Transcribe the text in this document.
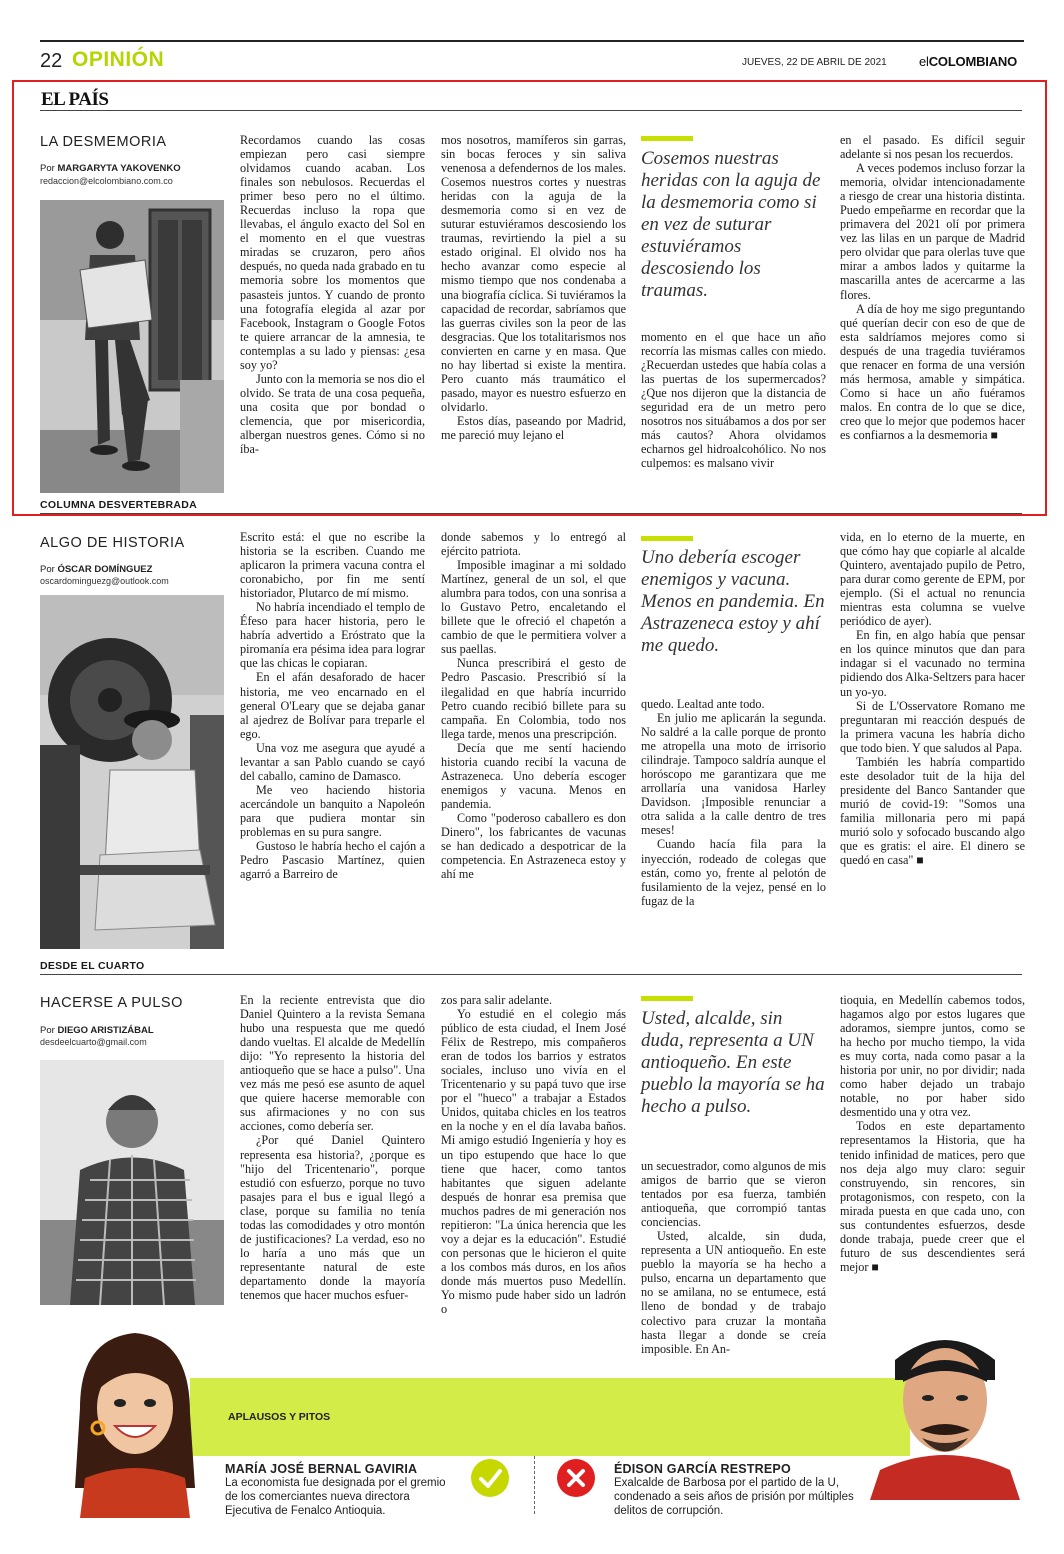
22 OPINIÓN	JUEVES, 22 DE ABRIL DE 2021 elCOLOMBIANO
EL PAÍS
LA DESMEMORIA
Por MARGARYTA YAKOVENKO
redaccion@elcolombiano.com.co

Recordamos cuando las cosas empiezan pero casi siempre olvidamos cuando acaban. Los finales son nebulosos. Recuerdas el primer beso pero no el último. Recuerdas incluso la ropa que llevabas, el ángulo exacto del Sol en el momento en el que vuestras miradas se cruzaron, pero años después, no queda nada grabado en tu memoria sobre los momentos que pasasteis juntos. Y cuando de pronto una fotografía elegida al azar por Facebook, Instagram o Google Fotos te quiere arrancar de la amnesia, te contemplas a su lado y piensas: ¿esa soy yo?

Junto con la memoria se nos dio el olvido. Se trata de una cosa pequeña, una cosita que por bondad o clemencia, que por misericordia, albergan nuestros genes. Cómo si no íba-

mos nosotros, mamíferos sin garras, sin bocas feroces y sin saliva venenosa a defendernos de los males. Cosemos nuestros cortes y nuestras heridas con la aguja de la desmemoria como si en vez de suturar estuviéramos descosiendo los traumas, revirtiendo la piel a su estado original. El olvido nos ha hecho avanzar como especie al mismo tiempo que nos condenaba a una biografía cíclica. Si tuviéramos la capacidad de recordar, sabríamos que las guerras civiles son la peor de las desgracias. Que los totalitarismos nos convierten en carne y en masa. Que no hay libertad si existe la mentira. Pero cuanto más traumático el pasado, mayor es nuestro esfuerzo en olvidarlo.

Estos días, paseando por Madrid, me pareció muy lejano el

Cosemos nuestras heridas con la aguja de la desmemoria como si en vez de suturar estuviéramos descosiendo los traumas.

momento en el que hace un año recorría las mismas calles con miedo. ¿Recuerdan ustedes que había colas a las puertas de los supermercados? ¿Que nos dijeron que la distancia de seguridad era de un metro pero nosotros nos situábamos a dos por ser más cautos? Ahora olvidamos echarnos gel hidroalcohólico. No nos culpemos: es malsano vivir

en el pasado. Es difícil seguir adelante si nos pesan los recuerdos.

A veces podemos incluso forzar la memoria, olvidar intencionadamente a riesgo de crear una historia distinta. Puedo empeñarme en recordar que la primavera del 2021 olí por primera vez las lilas en un parque de Madrid pero olvidar que para olerlas tuve que mirar a ambos lados y quitarme la mascarilla antes de acercarme a las flores.

A día de hoy me sigo preguntando qué querían decir con eso de que de esta saldríamos mejores como si después de una tragedia tuviéramos que renacer en forma de una versión más hermosa, amable y simpática. Como si hace un año fuéramos malos. En contra de lo que se dice, creo que lo mejor que podemos hacer es confiarnos a la desmemoria ■

COLUMNA DESVERTEBRADA
ALGO DE HISTORIA
Por ÓSCAR DOMÍNGUEZ
oscardominguezg@outlook.com

Escrito está: el que no escribe la historia se la escriben. Cuando me aplicaron la primera vacuna contra el coronabicho, por fin me sentí historiador, Plutarco de mí mismo.

No habría incendiado el templo de Éfeso para hacer historia, pero le habría advertido a Eróstrato que la piromanía era pésima idea para lograr que las chicas le copiaran.

En el afán desaforado de hacer historia, me veo encarnado en el general O'Leary que se dejaba ganar al ajedrez de Bolívar para treparle el ego.

Una voz me asegura que ayudé a levantar a san Pablo cuando se cayó del caballo, camino de Damasco.

Me veo haciendo historia acercándole un banquito a Napoleón para que pudiera montar sin problemas en su pura sangre.

Gustoso le habría hecho el cajón a Pedro Pascasio Martínez, quien agarró a Barreiro de

donde sabemos y lo entregó al ejército patriota.

Imposible imaginar a mi soldado Martínez, general de un sol, el que alumbra para todos, con una sonrisa a lo Gustavo Petro, encaletando el billete que le ofreció el chapetón a cambio de que le permitiera volver a sus paellas.

Nunca prescribirá el gesto de Pedro Pascasio. Prescribió sí la ilegalidad en que habría incurrido Petro cuando recibió billete para su campaña. En Colombia, todo nos llega tarde, menos una prescripción.

Decía que me sentí haciendo historia cuando recibí la vacuna de Astrazeneca. Uno debería escoger enemigos y vacuna. Menos en pandemia.

Como "poderoso caballero es don Dinero", los fabricantes de vacunas se han dedicado a despotricar de la competencia. En Astrazeneca estoy y ahí me

Uno debería escoger enemigos y vacuna. Menos en pandemia. En Astrazeneca estoy y ahí me quedo.

quedo. Lealtad ante todo.

En julio me aplicarán la segunda. No saldré a la calle porque de pronto me atropella una moto de irrisorio cilindraje. Tampoco saldría aunque el horóscopo me garantizara que me arrollaría una vanidosa Harley Davidson. ¡Imposible renunciar a otra salida a la calle dentro de tres meses!

Cuando hacía fila para la inyección, rodeado de colegas que están, como yo, frente al pelotón de fusilamiento de la vejez, pensé en lo fugaz de la

vida, en lo eterno de la muerte, en que cómo hay que copiarle al alcalde Quintero, aventajado pupilo de Petro, para durar como gerente de EPM, por ejemplo. (Si el actual no renuncia mientras esta columna se vuelve periódico de ayer).

En fin, en algo había que pensar en los quince minutos que dan para indagar si el vacunado no termina pidiendo dos Alka-Seltzers para hacer un yo-yo.

Si de L'Osservatore Romano me preguntaran mi reacción después de la primera vacuna les habría dicho que todo bien. Y que saludos al Papa.

También les habría compartido este desolador tuit de la hija del presidente del Banco Santander que murió de covid-19: "Somos una familia millonaria pero mi papá murió solo y sofocado buscando algo que es gratis: el aire. El dinero se quedó en casa" ■

DESDE EL CUARTO
HACERSE A PULSO
Por DIEGO ARISTIZÁBAL
desdeelcuarto@gmail.com

En la reciente entrevista que dio Daniel Quintero a la revista Semana hubo una respuesta que me quedó dando vueltas. El alcalde de Medellín dijo: "Yo represento la historia del antioqueño que se hace a pulso". Una vez más me pesó ese asunto de aquel que quiere hacerse memorable con sus afirmaciones y no con sus acciones, como debería ser.

¿Por qué Daniel Quintero representa esa historia?, ¿porque es "hijo del Tricentenario", porque estudió con esfuerzo, porque no tuvo pasajes para el bus e igual llegó a clase, porque su familia no tenía todas las comodidades y otro montón de justificaciones? La verdad, eso no lo haría a uno más que un representante natural de este departamento donde la mayoría tenemos que hacer muchos esfuer-

zos para salir adelante.

Yo estudié en el colegio más público de esta ciudad, el Inem José Félix de Restrepo, mis compañeros eran de todos los barrios y estratos sociales, incluso uno vivía en el Tricentenario y su papá tuvo que irse por el "hueco" a trabajar a Estados Unidos, quitaba chicles en los teatros en la noche y en el día lavaba baños. Mi amigo estudió Ingeniería y hoy es un tipo estupendo que hace lo que tiene que hacer, como tantos habitantes que siguen adelante después de honrar esa premisa que muchos padres de mi generación nos repitieron: "La única herencia que les voy a dejar es la educación". Estudié con personas que le hicieron el quite a los combos más duros, en los años donde más muertos puso Medellín. Yo mismo pude haber sido un ladrón o

Usted, alcalde, sin duda, representa a UN antioqueño. En este pueblo la mayoría se ha hecho a pulso.

un secuestrador, como algunos de mis amigos de barrio que se vieron tentados por esa fuerza, también antioqueña, que corrompió tantas conciencias.

Usted, alcalde, sin duda, representa a UN antioqueño. En este pueblo la mayoría se ha hecho a pulso, encarna un departamento que no se amilana, no se entumece, está lleno de bondad y de trabajo colectivo para cruzar la montaña hasta llegar a donde se creía imposible. En An-

tioquia, en Medellín cabemos todos, hagamos algo por estos lugares que adoramos, siempre juntos, como se ha hecho por mucho tiempo, la vida es muy corta, nada como pasar a la historia por unir, no por dividir; nada como haber dejado un trabajo notable, no por haber sido desmentido una y otra vez.

Todos en este departamento representamos la Historia, que ha tenido infinidad de matices, pero que nos deja algo muy claro: seguir construyendo, sin rencores, sin protagonismos, con respeto, con la mirada puesta en que cada uno, con sus contundentes esfuerzos, desde donde trabaja, puede creer que el futuro de sus descendientes será mejor ■

APLAUSOS Y PITOS
MARÍA JOSÉ BERNAL GAVIRIA
La economista fue designada por el gremio de los comerciantes nueva directora Ejecutiva de Fenalco Antioquia.
ÉDISON GARCÍA RESTREPO
Exalcalde de Barbosa por el partido de la U, condenado a seis años de prisión por múltiples delitos de corrupción.
